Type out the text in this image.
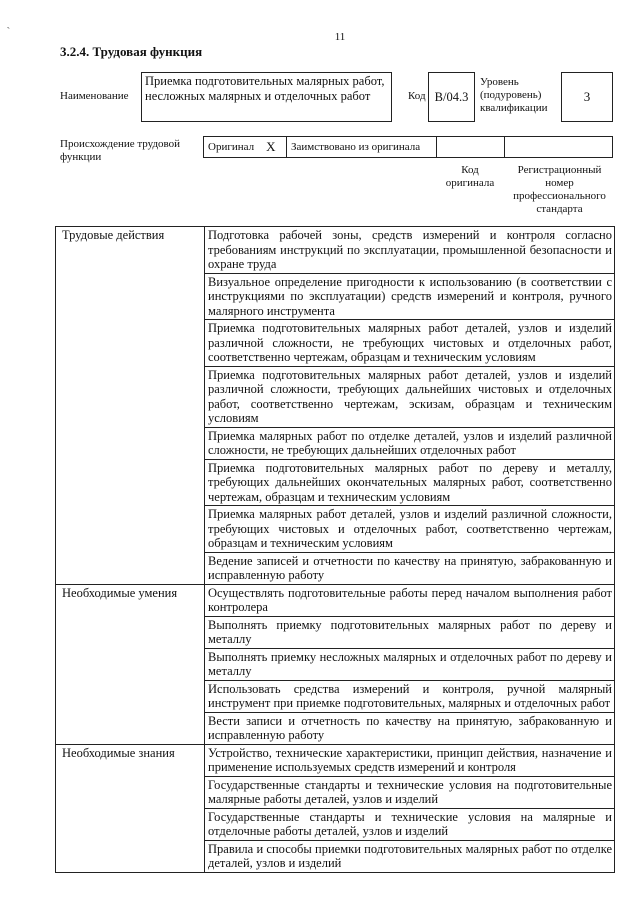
`	11
3.2.4. Трудовая функция
Наименование
Приемка подготовительных малярных работ, несложных малярных и отделочных работ	Код В/04.3
Уровень (подуровень) квалификации
3
Происхождение трудовой функции
Оригинал X Заимствовано из оригинала
Код оригинала
Регистрационный номер профессионального стандарта
Трудовые действия	Подготовка рабочей зоны, средств измерений и контроля согласно требованиям инструкций по эксплуатации, промышленной безопасности и охране труда
	Визуальное определение пригодности к использованию (в соответствии с инструкциями по эксплуатации) средств измерений и контроля, ручного малярного инструмента
	Приемка подготовительных малярных работ деталей, узлов и изделий различной сложности, не требующих чистовых и отделочных работ, соответственно чертежам, образцам и техническим условиям
	Приемка подготовительных малярных работ деталей, узлов и изделий различной сложности, требующих дальнейших чистовых и отделочных работ, соответственно чертежам, эскизам, образцам и техническим условиям
	Приемка малярных работ по отделке деталей, узлов и изделий различной сложности, не требующих дальнейших отделочных работ
	Приемка подготовительных малярных работ по дереву и металлу, требующих дальнейших окончательных малярных работ, соответственно чертежам, образцам и техническим условиям
	Приемка малярных работ деталей, узлов и изделий различной сложности, требующих чистовых и отделочных работ, соответственно чертежам, образцам и техническим условиям
	Ведение записей и отчетности по качеству на принятую, забракованную и исправленную работу
Необходимые умения	Осуществлять подготовительные работы перед началом выполнения работ контролера
	Выполнять приемку подготовительных малярных работ по дереву и металлу
	Выполнять приемку несложных малярных и отделочных работ по дереву и металлу
	Использовать средства измерений и контроля, ручной малярный инструмент при приемке подготовительных, малярных и отделочных работ
	Вести записи и отчетность по качеству на принятую, забракованную и исправленную работу
Необходимые знания	Устройство, технические характеристики, принцип действия, назначение и применение используемых средств измерений и контроля
	Государственные стандарты и технические условия на подготовительные малярные работы деталей, узлов и изделий
	Государственные стандарты и технические условия на малярные и отделочные работы деталей, узлов и изделий
	Правила и способы приемки подготовительных малярных работ по отделке деталей, узлов и изделий
